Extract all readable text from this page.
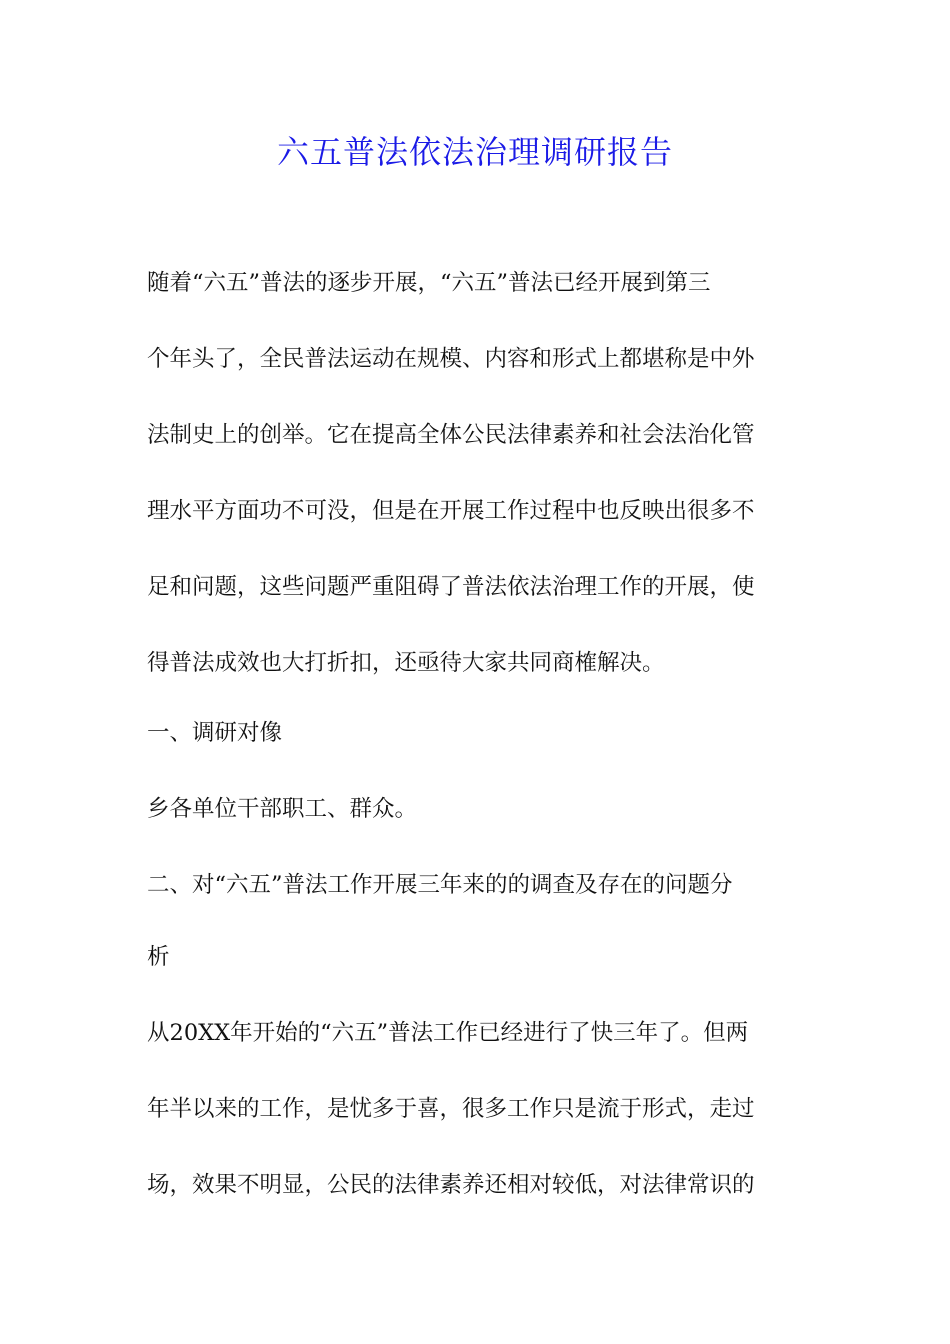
六五普法依法治理调研报告
随着“六五”普法的逐步开展，“六五”普法已经开展到第三
个年头了，全民普法运动在规模、内容和形式上都堪称是中外
法制史上的创举。它在提高全体公民法律素养和社会法治化管
理水平方面功不可没，但是在开展工作过程中也反映出很多不
足和问题，这些问题严重阻碍了普法依法治理工作的开展，使
得普法成效也大打折扣，还亟待大家共同商榷解决。
一、调研对像
乡各单位干部职工、群众。
二、对“六五”普法工作开展三年来的的调查及存在的问题分
析
从20XX年开始的“六五”普法工作已经进行了快三年了。但两
年半以来的工作，是忧多于喜，很多工作只是流于形式，走过
场，效果不明显，公民的法律素养还相对较低，对法律常识的
